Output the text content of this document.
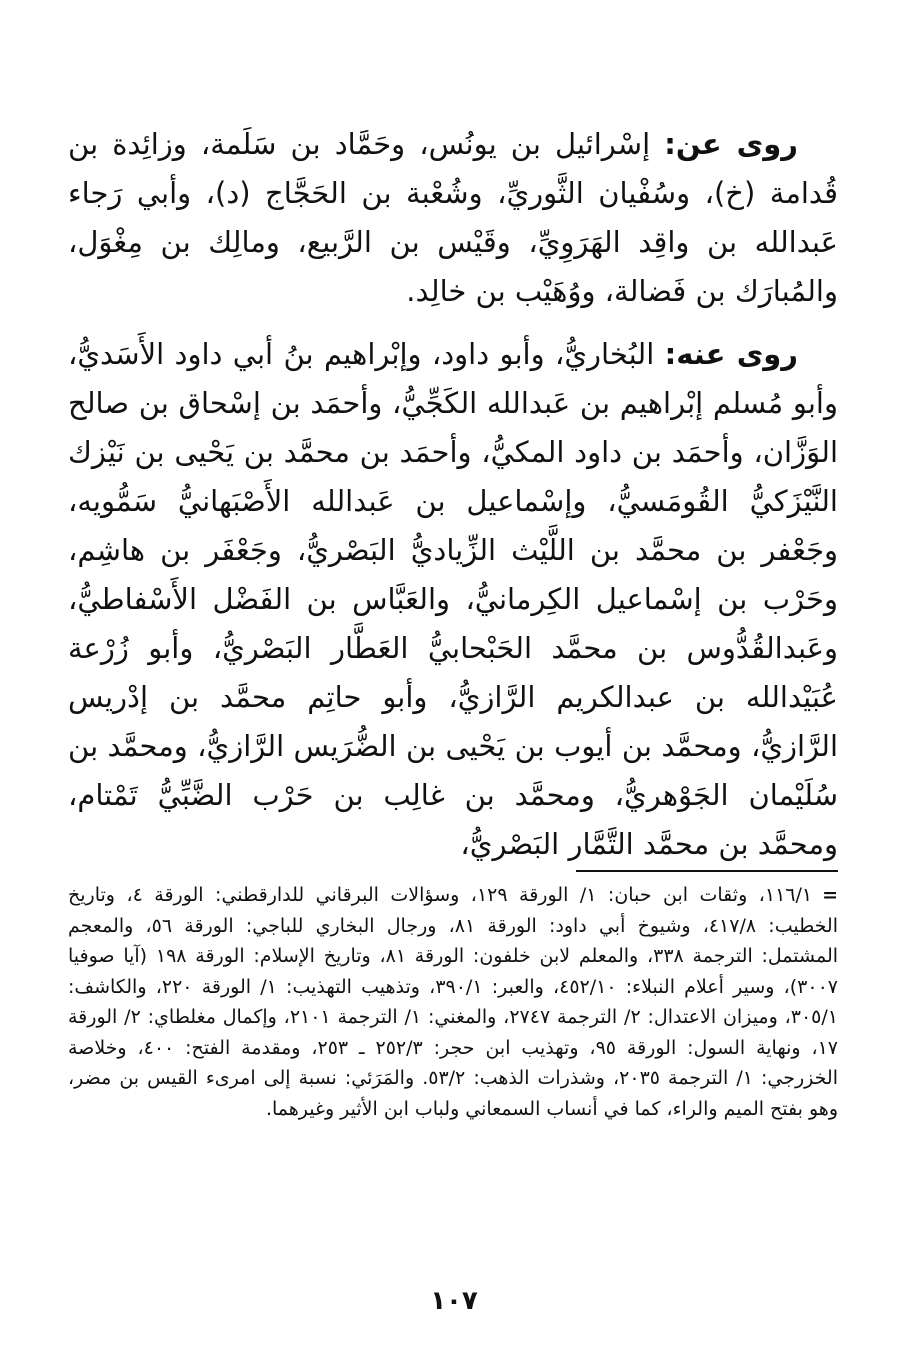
روى عن: إسْرائيل بن يونُس، وحَمَّاد بن سَلَمة، وزائِدة بن قُدامة (خ)، وسُفْيان الثَّوريِّ، وشُعْبة بن الحَجَّاج (د)، وأبي رَجاء عَبدالله بن واقِد الهَرَوِيِّ، وقَيْس بن الرَّبيع، ومالِك بن مِغْوَل، والمُبارَك بن فَضالة، ووُهَيْب بن خالِد.

روى عنه: البُخاريُّ، وأبو داود، وإبْراهيم بنُ أبي داود الأَسَديُّ، وأبو مُسلم إبْراهيم بن عَبدالله الكَجِّيُّ، وأحمَد بن إسْحاق بن صالح الوَزَّان، وأحمَد بن داود المكيُّ، وأحمَد بن محمَّد بن يَحْيى بن نَيْزك النَّيْزَكيُّ القُومَسيُّ، وإسْماعيل بن عَبدالله الأَصْبَهانيُّ سَمُّويه، وجَعْفر بن محمَّد بن اللَّيْث الزِّياديُّ البَصْريُّ، وجَعْفَر بن هاشِم، وحَرْب بن إسْماعيل الكِرمانيُّ، والعَبَّاس بن الفَضْل الأَسْفاطيُّ، وعَبدالقُدُّوس بن محمَّد الحَبْحابيُّ العَطَّار البَصْريُّ، وأبو زُرْعة عُبَيْدالله بن عبدالكريم الرَّازيُّ، وأبو حاتِم محمَّد بن إدْريس الرَّازيُّ، ومحمَّد بن أيوب بن يَحْيى بن الضُّرَيس الرَّازيُّ، ومحمَّد بن سُلَيْمان الجَوْهريُّ، ومحمَّد بن غالِب بن حَرْب الضَّبِّيُّ تَمْتام، ومحمَّد بن محمَّد التَّمَّار البَصْريُّ،

=١١٦/١، وثقات ابن حبان: ١/ الورقة ١٢٩، وسؤالات البرقاني للدارقطني: الورقة ٤، وتاريخ الخطيب: ٤١٧/٨، وشيوخ أبي داود: الورقة ٨١، ورجال البخاري للباجي: الورقة ٥٦، والمعجم المشتمل: الترجمة ٣٣٨، والمعلم لابن خلفون: الورقة ٨١، وتاريخ الإسلام: الورقة ١٩٨ (آيا صوفيا ٣٠٠٧)، وسير أعلام النبلاء: ٤٥٢/١٠، والعبر: ٣٩٠/١، وتذهيب التهذيب: ١/ الورقة ٢٢٠، والكاشف: ٣٠٥/١، وميزان الاعتدال: ٢/ الترجمة ٢٧٤٧، والمغني: ١/ الترجمة ٢١٠١، وإكمال مغلطاي: ٢/ الورقة ١٧، ونهاية السول: الورقة ٩٥، وتهذيب ابن حجر: ٢٥٢/٣ ـ ٢٥٣، ومقدمة الفتح: ٤٠٠، وخلاصة الخزرجي: ١/ الترجمة ٢٠٣٥، وشذرات الذهب: ٥٣/٢. والمَرَئي: نسبة إلى امرىء القيس بن مضر، وهو بفتح الميم والراء، كما في أنساب السمعاني ولباب ابن الأثير وغيرهما.

١٠٧
